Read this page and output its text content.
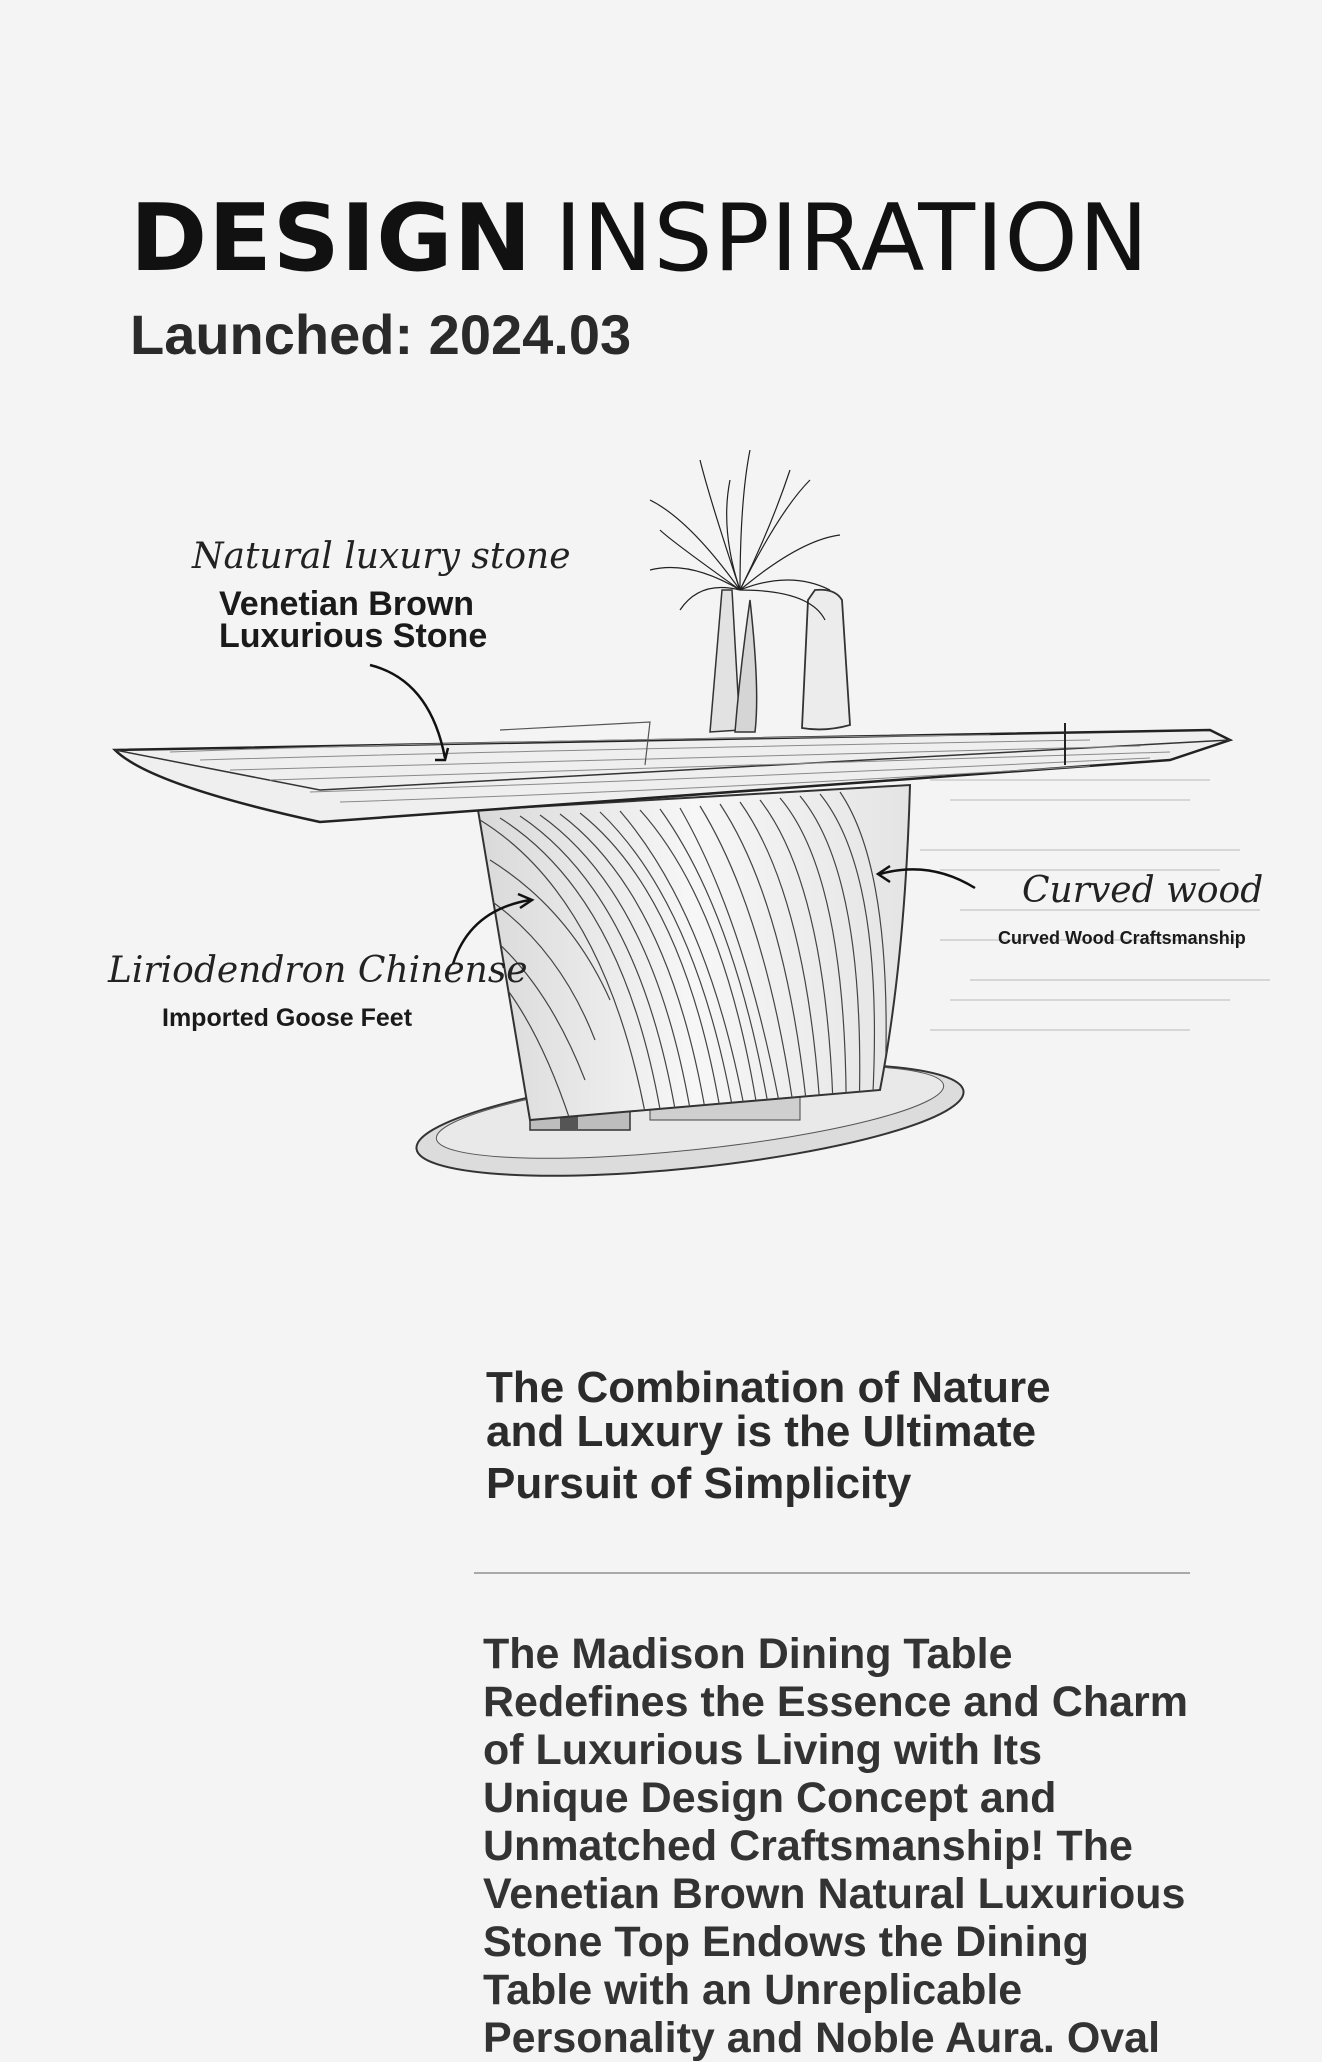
DESIGN INSPIRATION
Launched: 2024.03
Natural luxury stone
Venetian Brown
Luxurious Stone
Curved wood
Curved Wood Craftsmanship
Liriodendron Chinense
Imported Goose Feet
The Combination of Nature
and Luxury is the Ultimate
Pursuit of Simplicity
The Madison Dining Table
Redefines the Essence and Charm
of Luxurious Living with Its
Unique Design Concept and
Unmatched Craftsmanship! The
Venetian Brown Natural Luxurious
Stone Top Endows the Dining
Table with an Unreplicable
Personality and Noble Aura. Oval
